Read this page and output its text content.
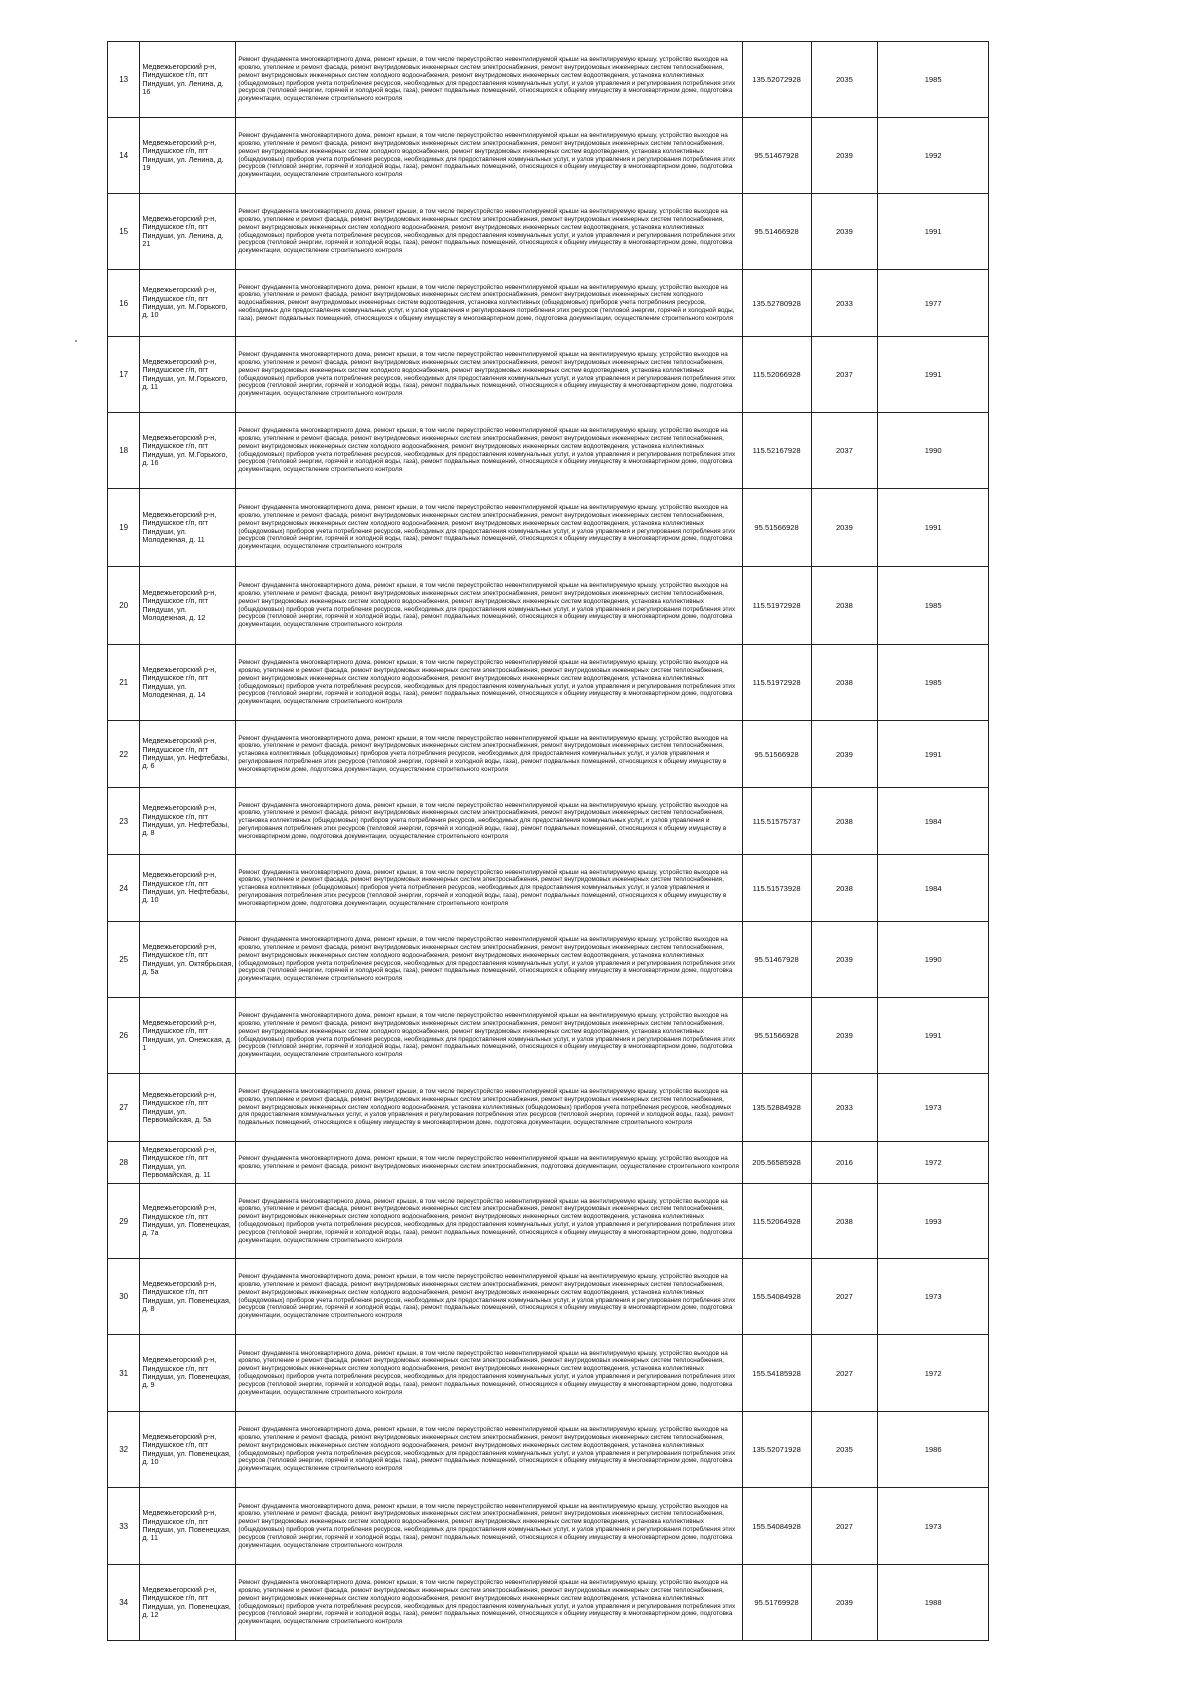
13	Медвежьегорский р-н, Пиндушское г/п, пгт Пиндуши, ул. Ленина, д. 16	Ремонт фундамента многоквартирного дома, ремонт крыши, в том числе переустройство невентилируемой крыши на вентилируемую крышу, устройство выходов на кровлю, утепление и ремонт фасада, ремонт внутридомовых инженерных систем электроснабжения, ремонт внутридомовых инженерных систем теплоснабжения, ремонт внутридомовых инженерных систем холодного водоснабжения, ремонт внутридомовых инженерных систем водоотведения, установка коллективных (общедомовых) приборов учета потребления ресурсов, необходимых для предоставления коммунальных услуг, и узлов управления и регулирования потребления этих ресурсов (тепловой энергии, горячей и холодной воды, газа), ремонт подвальных помещений, относящихся к общему имуществу в многоквартирном доме, подготовка документации, осуществление строительного контроля	135.52072928	2035	1985
14	Медвежьегорский р-н, Пиндушское г/п, пгт Пиндуши, ул. Ленина, д. 19	Ремонт фундамента многоквартирного дома, ремонт крыши, в том числе переустройство невентилируемой крыши на вентилируемую крышу, устройство выходов на кровлю, утепление и ремонт фасада, ремонт внутридомовых инженерных систем электроснабжения, ремонт внутридомовых инженерных систем теплоснабжения, ремонт внутридомовых инженерных систем холодного водоснабжения, ремонт внутридомовых инженерных систем водоотведения, установка коллективных (общедомовых) приборов учета потребления ресурсов, необходимых для предоставления коммунальных услуг, и узлов управления и регулирования потребления этих ресурсов (тепловой энергии, горячей и холодной воды, газа), ремонт подвальных помещений, относящихся к общему имуществу в многоквартирном доме, подготовка документации, осуществление строительного контроля	95.51467928	2039	1992
15	Медвежьегорский р-н, Пиндушское г/п, пгт Пиндуши, ул. Ленина, д. 21	Ремонт фундамента многоквартирного дома, ремонт крыши, в том числе переустройство невентилируемой крыши на вентилируемую крышу, устройство выходов на кровлю, утепление и ремонт фасада, ремонт внутридомовых инженерных систем электроснабжения, ремонт внутридомовых инженерных систем теплоснабжения, ремонт внутридомовых инженерных систем холодного водоснабжения, ремонт внутридомовых инженерных систем водоотведения, установка коллективных (общедомовых) приборов учета потребления ресурсов, необходимых для предоставления коммунальных услуг, и узлов управления и регулирования потребления этих ресурсов (тепловой энергии, горячей и холодной воды, газа), ремонт подвальных помещений, относящихся к общему имуществу в многоквартирном доме, подготовка документации, осуществление строительного контроля	95.51466928	2039	1991
16	Медвежьегорский р-н, Пиндушское г/п, пгт Пиндуши, ул. М.Горького, д. 10	Ремонт фундамента многоквартирного дома, ремонт крыши, в том числе переустройство невентилируемой крыши на вентилируемую крышу, устройство выходов на кровлю, утепление и ремонт фасада, ремонт внутридомовых инженерных систем электроснабжения, ремонт внутридомовых инженерных систем холодного водоснабжения, ремонт внутридомовых инженерных систем водоотведения, установка коллективных (общедомовых) приборов учета потребления ресурсов, необходимых для предоставления коммунальных услуг, и узлов управления и регулирования потребления этих ресурсов (тепловой энергии, горячей и холодной воды, газа), ремонт подвальных помещений, относящихся к общему имуществу в многоквартирном доме, подготовка документации, осуществление строительного контроля	135.52780928	2033	1977
17	Медвежьегорский р-н, Пиндушское г/п, пгт Пиндуши, ул. М.Горького, д. 11	Ремонт фундамента многоквартирного дома, ремонт крыши, в том числе переустройство невентилируемой крыши на вентилируемую крышу, устройство выходов на кровлю, утепление и ремонт фасада, ремонт внутридомовых инженерных систем электроснабжения, ремонт внутридомовых инженерных систем теплоснабжения, ремонт внутридомовых инженерных систем холодного водоснабжения, ремонт внутридомовых инженерных систем водоотведения, установка коллективных (общедомовых) приборов учета потребления ресурсов, необходимых для предоставления коммунальных услуг, и узлов управления и регулирования потребления этих ресурсов (тепловой энергии, горячей и холодной воды, газа), ремонт подвальных помещений, относящихся к общему имуществу в многоквартирном доме, подготовка документации, осуществление строительного контроля	115.52066928	2037	1991
18	Медвежьегорский р-н, Пиндушское г/п, пгт Пиндуши, ул. М.Горького, д. 16	Ремонт фундамента многоквартирного дома, ремонт крыши, в том числе переустройство невентилируемой крыши на вентилируемую крышу, устройство выходов на кровлю, утепление и ремонт фасада, ремонт внутридомовых инженерных систем электроснабжения, ремонт внутридомовых инженерных систем теплоснабжения, ремонт внутридомовых инженерных систем холодного водоснабжения, ремонт внутридомовых инженерных систем водоотведения, установка коллективных (общедомовых) приборов учета потребления ресурсов, необходимых для предоставления коммунальных услуг, и узлов управления и регулирования потребления этих ресурсов (тепловой энергии, горячей и холодной воды, газа), ремонт подвальных помещений, относящихся к общему имуществу в многоквартирном доме, подготовка документации, осуществление строительного контроля	115.52167928	2037	1990
19	Медвежьегорский р-н, Пиндушское г/п, пгт Пиндуши, ул. Молодежная, д. 11	Ремонт фундамента многоквартирного дома, ремонт крыши, в том числе переустройство невентилируемой крыши на вентилируемую крышу, устройство выходов на кровлю, утепление и ремонт фасада, ремонт внутридомовых инженерных систем электроснабжения, ремонт внутридомовых инженерных систем теплоснабжения, ремонт внутридомовых инженерных систем холодного водоснабжения, ремонт внутридомовых инженерных систем водоотведения, установка коллективных (общедомовых) приборов учета потребления ресурсов, необходимых для предоставления коммунальных услуг, и узлов управления и регулирования потребления этих ресурсов (тепловой энергии, горячей и холодной воды, газа), ремонт подвальных помещений, относящихся к общему имуществу в многоквартирном доме, подготовка документации, осуществление строительного контроля	95.51566928	2039	1991
20	Медвежьегорский р-н, Пиндушское г/п, пгт Пиндуши, ул. Молодежная, д. 12	Ремонт фундамента многоквартирного дома, ремонт крыши, в том числе переустройство невентилируемой крыши на вентилируемую крышу, устройство выходов на кровлю, утепление и ремонт фасада, ремонт внутридомовых инженерных систем электроснабжения, ремонт внутридомовых инженерных систем теплоснабжения, ремонт внутридомовых инженерных систем холодного водоснабжения, ремонт внутридомовых инженерных систем водоотведения, установка коллективных (общедомовых) приборов учета потребления ресурсов, необходимых для предоставления коммунальных услуг, и узлов управления и регулирования потребления этих ресурсов (тепловой энергии, горячей и холодной воды, газа), ремонт подвальных помещений, относящихся к общему имуществу в многоквартирном доме, подготовка документации, осуществление строительного контроля	115.51972928	2038	1985
21	Медвежьегорский р-н, Пиндушское г/п, пгт Пиндуши, ул. Молодежная, д. 14	Ремонт фундамента многоквартирного дома, ремонт крыши, в том числе переустройство невентилируемой крыши на вентилируемую крышу, устройство выходов на кровлю, утепление и ремонт фасада, ремонт внутридомовых инженерных систем электроснабжения, ремонт внутридомовых инженерных систем теплоснабжения, ремонт внутридомовых инженерных систем холодного водоснабжения, ремонт внутридомовых инженерных систем водоотведения, установка коллективных (общедомовых) приборов учета потребления ресурсов, необходимых для предоставления коммунальных услуг, и узлов управления и регулирования потребления этих ресурсов (тепловой энергии, горячей и холодной воды, газа), ремонт подвальных помещений, относящихся к общему имуществу в многоквартирном доме, подготовка документации, осуществление строительного контроля	115.51972928	2038	1985
22	Медвежьегорский р-н, Пиндушское г/п, пгт Пиндуши, ул. Нефтебазы, д. 6	Ремонт фундамента многоквартирного дома, ремонт крыши, в том числе переустройство невентилируемой крыши на вентилируемую крышу, устройство выходов на кровлю, утепление и ремонт фасада, ремонт внутридомовых инженерных систем электроснабжения, ремонт внутридомовых инженерных систем теплоснабжения, установка коллективных (общедомовых) приборов учета потребления ресурсов, необходимых для предоставления коммунальных услуг, и узлов управления и регулирования потребления этих ресурсов (тепловой энергии, горячей и холодной воды, газа), ремонт подвальных помещений, относящихся к общему имуществу в многоквартирном доме, подготовка документации, осуществление строительного контроля	95.51566928	2039	1991
23	Медвежьегорский р-н, Пиндушское г/п, пгт Пиндуши, ул. Нефтебазы, д. 8	Ремонт фундамента многоквартирного дома, ремонт крыши, в том числе переустройство невентилируемой крыши на вентилируемую крышу, устройство выходов на кровлю, утепление и ремонт фасада, ремонт внутридомовых инженерных систем электроснабжения, ремонт внутридомовых инженерных систем теплоснабжения, установка коллективных (общедомовых) приборов учета потребления ресурсов, необходимых для предоставления коммунальных услуг, и узлов управления и регулирования потребления этих ресурсов (тепловой энергии, горячей и холодной воды, газа), ремонт подвальных помещений, относящихся к общему имуществу в многоквартирном доме, подготовка документации, осуществление строительного контроля	115.51575737	2038	1984
24	Медвежьегорский р-н, Пиндушское г/п, пгт Пиндуши, ул. Нефтебазы, д. 10	Ремонт фундамента многоквартирного дома, ремонт крыши, в том числе переустройство невентилируемой крыши на вентилируемую крышу, устройство выходов на кровлю, утепление и ремонт фасада, ремонт внутридомовых инженерных систем электроснабжения, ремонт внутридомовых инженерных систем теплоснабжения, установка коллективных (общедомовых) приборов учета потребления ресурсов, необходимых для предоставления коммунальных услуг, и узлов управления и регулирования потребления этих ресурсов (тепловой энергии, горячей и холодной воды, газа), ремонт подвальных помещений, относящихся к общему имуществу в многоквартирном доме, подготовка документации, осуществление строительного контроля	115.51573928	2038	1984
25	Медвежьегорский р-н, Пиндушское г/п, пгт Пиндуши, ул. Октябрьская, д. 5а	Ремонт фундамента многоквартирного дома, ремонт крыши, в том числе переустройство невентилируемой крыши на вентилируемую крышу, устройство выходов на кровлю, утепление и ремонт фасада, ремонт внутридомовых инженерных систем электроснабжения, ремонт внутридомовых инженерных систем теплоснабжения, ремонт внутридомовых инженерных систем холодного водоснабжения, ремонт внутридомовых инженерных систем водоотведения, установка коллективных (общедомовых) приборов учета потребления ресурсов, необходимых для предоставления коммунальных услуг, и узлов управления и регулирования потребления этих ресурсов (тепловой энергии, горячей и холодной воды, газа), ремонт подвальных помещений, относящихся к общему имуществу в многоквартирном доме, подготовка документации, осуществление строительного контроля	95.51467928	2039	1990
26	Медвежьегорский р-н, Пиндушское г/п, пгт Пиндуши, ул. Онежская, д. 1	Ремонт фундамента многоквартирного дома, ремонт крыши, в том числе переустройство невентилируемой крыши на вентилируемую крышу, устройство выходов на кровлю, утепление и ремонт фасада, ремонт внутридомовых инженерных систем электроснабжения, ремонт внутридомовых инженерных систем теплоснабжения, ремонт внутридомовых инженерных систем холодного водоснабжения, ремонт внутридомовых инженерных систем водоотведения, установка коллективных (общедомовых) приборов учета потребления ресурсов, необходимых для предоставления коммунальных услуг, и узлов управления и регулирования потребления этих ресурсов (тепловой энергии, горячей и холодной воды, газа), ремонт подвальных помещений, относящихся к общему имуществу в многоквартирном доме, подготовка документации, осуществление строительного контроля	95.51566928	2039	1991
27	Медвежьегорский р-н, Пиндушское г/п, пгт Пиндуши, ул. Первомайская, д. 5а	Ремонт фундамента многоквартирного дома, ремонт крыши, в том числе переустройство невентилируемой крыши на вентилируемую крышу, устройство выходов на кровлю, утепление и ремонт фасада, ремонт внутридомовых инженерных систем электроснабжения, ремонт внутридомовых инженерных систем теплоснабжения, ремонт внутридомовых инженерных систем холодного водоснабжения, установка коллективных (общедомовых) приборов учета потребления ресурсов, необходимых для предоставления коммунальных услуг, и узлов управления и регулирования потребления этих ресурсов (тепловой энергии, горячей и холодной воды, газа), ремонт подвальных помещений, относящихся к общему имуществу в многоквартирном доме, подготовка документации, осуществление строительного контроля	135.52884928	2033	1973
28	Медвежьегорский р-н, Пиндушское г/п, пгт Пиндуши, ул. Первомайская, д. 11	Ремонт фундамента многоквартирного дома, ремонт крыши, в том числе переустройство невентилируемой крыши на вентилируемую крышу, устройство выходов на кровлю, утепление и ремонт фасада, ремонт внутридомовых инженерных систем электроснабжения, подготовка документации, осуществление строительного контроля	205.56585928	2016	1972
29	Медвежьегорский р-н, Пиндушское г/п, пгт Пиндуши, ул. Повенецкая, д. 7а	Ремонт фундамента многоквартирного дома, ремонт крыши, в том числе переустройство невентилируемой крыши на вентилируемую крышу, устройство выходов на кровлю, утепление и ремонт фасада, ремонт внутридомовых инженерных систем электроснабжения, ремонт внутридомовых инженерных систем теплоснабжения, ремонт внутридомовых инженерных систем холодного водоснабжения, ремонт внутридомовых инженерных систем водоотведения, установка коллективных (общедомовых) приборов учета потребления ресурсов, необходимых для предоставления коммунальных услуг, и узлов управления и регулирования потребления этих ресурсов (тепловой энергии, горячей и холодной воды, газа), ремонт подвальных помещений, относящихся к общему имуществу в многоквартирном доме, подготовка документации, осуществление строительного контроля	115.52064928	2038	1993
30	Медвежьегорский р-н, Пиндушское г/п, пгт Пиндуши, ул. Повенецкая, д. 8	Ремонт фундамента многоквартирного дома, ремонт крыши, в том числе переустройство невентилируемой крыши на вентилируемую крышу, устройство выходов на кровлю, утепление и ремонт фасада, ремонт внутридомовых инженерных систем электроснабжения, ремонт внутридомовых инженерных систем теплоснабжения, ремонт внутридомовых инженерных систем холодного водоснабжения, ремонт внутридомовых инженерных систем водоотведения, установка коллективных (общедомовых) приборов учета потребления ресурсов, необходимых для предоставления коммунальных услуг, и узлов управления и регулирования потребления этих ресурсов (тепловой энергии, горячей и холодной воды, газа), ремонт подвальных помещений, относящихся к общему имуществу в многоквартирном доме, подготовка документации, осуществление строительного контроля	155.54084928	2027	1973
31	Медвежьегорский р-н, Пиндушское г/п, пгт Пиндуши, ул. Повенецкая, д. 9	Ремонт фундамента многоквартирного дома, ремонт крыши, в том числе переустройство невентилируемой крыши на вентилируемую крышу, устройство выходов на кровлю, утепление и ремонт фасада, ремонт внутридомовых инженерных систем электроснабжения, ремонт внутридомовых инженерных систем теплоснабжения, ремонт внутридомовых инженерных систем холодного водоснабжения, ремонт внутридомовых инженерных систем водоотведения, установка коллективных (общедомовых) приборов учета потребления ресурсов, необходимых для предоставления коммунальных услуг, и узлов управления и регулирования потребления этих ресурсов (тепловой энергии, горячей и холодной воды, газа), ремонт подвальных помещений, относящихся к общему имуществу в многоквартирном доме, подготовка документации, осуществление строительного контроля	155.54185928	2027	1972
32	Медвежьегорский р-н, Пиндушское г/п, пгт Пиндуши, ул. Повенецкая, д. 10	Ремонт фундамента многоквартирного дома, ремонт крыши, в том числе переустройство невентилируемой крыши на вентилируемую крышу, устройство выходов на кровлю, утепление и ремонт фасада, ремонт внутридомовых инженерных систем электроснабжения, ремонт внутридомовых инженерных систем теплоснабжения, ремонт внутридомовых инженерных систем холодного водоснабжения, ремонт внутридомовых инженерных систем водоотведения, установка коллективных (общедомовых) приборов учета потребления ресурсов, необходимых для предоставления коммунальных услуг, и узлов управления и регулирования потребления этих ресурсов (тепловой энергии, горячей и холодной воды, газа), ремонт подвальных помещений, относящихся к общему имуществу в многоквартирном доме, подготовка документации, осуществление строительного контроля	135.52071928	2035	1986
33	Медвежьегорский р-н, Пиндушское г/п, пгт Пиндуши, ул. Повенецкая, д. 11	Ремонт фундамента многоквартирного дома, ремонт крыши, в том числе переустройство невентилируемой крыши на вентилируемую крышу, устройство выходов на кровлю, утепление и ремонт фасада, ремонт внутридомовых инженерных систем электроснабжения, ремонт внутридомовых инженерных систем теплоснабжения, ремонт внутридомовых инженерных систем холодного водоснабжения, ремонт внутридомовых инженерных систем водоотведения, установка коллективных (общедомовых) приборов учета потребления ресурсов, необходимых для предоставления коммунальных услуг, и узлов управления и регулирования потребления этих ресурсов (тепловой энергии, горячей и холодной воды, газа), ремонт подвальных помещений, относящихся к общему имуществу в многоквартирном доме, подготовка документации, осуществление строительного контроля	155.54084928	2027	1973
34	Медвежьегорский р-н, Пиндушское г/п, пгт Пиндуши, ул. Повенецкая, д. 12	Ремонт фундамента многоквартирного дома, ремонт крыши, в том числе переустройство невентилируемой крыши на вентилируемую крышу, устройство выходов на кровлю, утепление и ремонт фасада, ремонт внутридомовых инженерных систем электроснабжения, ремонт внутридомовых инженерных систем теплоснабжения, ремонт внутридомовых инженерных систем холодного водоснабжения, ремонт внутридомовых инженерных систем водоотведения, установка коллективных (общедомовых) приборов учета потребления ресурсов, необходимых для предоставления коммунальных услуг, и узлов управления и регулирования потребления этих ресурсов (тепловой энергии, горячей и холодной воды, газа), ремонт подвальных помещений, относящихся к общему имуществу в многоквартирном доме, подготовка документации, осуществление строительного контроля	95.51769928	2039	1988
